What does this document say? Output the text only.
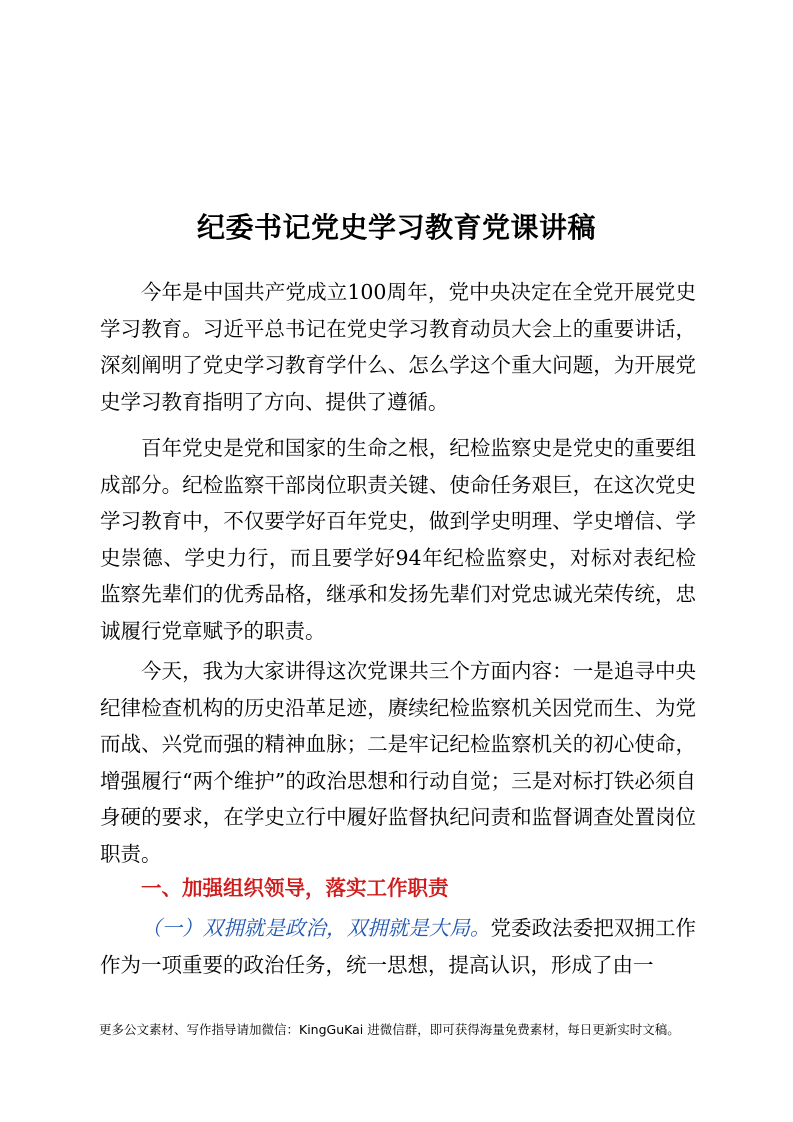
纪委书记党史学习教育党课讲稿

今年是中国共产党成立100周年，党中央决定在全党开展党史学习教育。习近平总书记在党史学习教育动员大会上的重要讲话，深刻阐明了党史学习教育学什么、怎么学这个重大问题，为开展党史学习教育指明了方向、提供了遵循。

百年党史是党和国家的生命之根，纪检监察史是党史的重要组成部分。纪检监察干部岗位职责关键、使命任务艰巨，在这次党史学习教育中，不仅要学好百年党史，做到学史明理、学史增信、学史崇德、学史力行，而且要学好94年纪检监察史，对标对表纪检监察先辈们的优秀品格，继承和发扬先辈们对党忠诚光荣传统，忠诚履行党章赋予的职责。

今天，我为大家讲得这次党课共三个方面内容：一是追寻中央纪律检查机构的历史沿革足迹，赓续纪检监察机关因党而生、为党而战、兴党而强的精神血脉；二是牢记纪检监察机关的初心使命，增强履行“两个维护”的政治思想和行动自觉；三是对标打铁必须自身硬的要求，在学史立行中履好监督执纪问责和监督调查处置岗位职责。

一、加强组织领导，落实工作职责

（一）双拥就是政治，双拥就是大局。党委政法委把双拥工作作为一项重要的政治任务，统一思想，提高认识，形成了由一

更多公文素材、写作指导请加微信：KingGuKai 进微信群，即可获得海量免费素材，每日更新实时文稿。
